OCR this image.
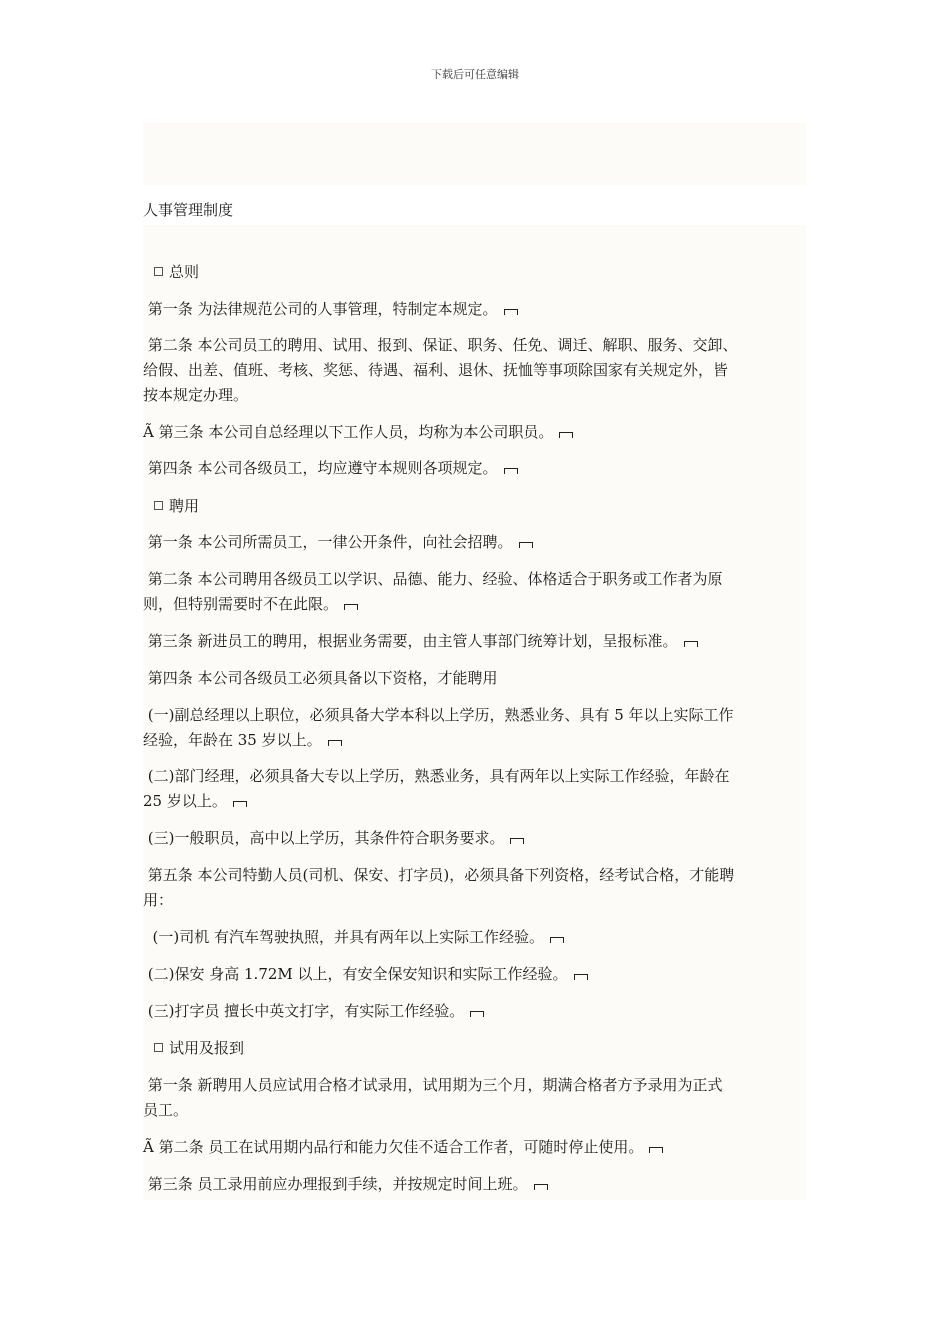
下载后可任意编辑
人事管理制度
总则
第一条 为法律规范公司的人事管理，特制定本规定。
第二条 本公司员工的聘用、试用、报到、保证、职务、任免、调迁、解职、服务、交卸、
给假、出差、值班、考核、奖惩、待遇、福利、退休、抚恤等事项除国家有关规定外，皆
按本规定办理。
Ã 第三条 本公司自总经理以下工作人员，均称为本公司职员。
第四条 本公司各级员工，均应遵守本规则各项规定。
聘用
第一条 本公司所需员工，一律公开条件，向社会招聘。
第二条 本公司聘用各级员工以学识、品德、能力、经验、体格适合于职务或工作者为原
则，但特别需要时不在此限。
第三条 新进员工的聘用，根据业务需要，由主管人事部门统筹计划，呈报标准。
第四条 本公司各级员工必须具备以下资格，才能聘用
(一)副总经理以上职位，必须具备大学本科以上学历，熟悉业务、具有 5 年以上实际工作
经验，年龄在 35 岁以上。
(二)部门经理，必须具备大专以上学历，熟悉业务，具有两年以上实际工作经验，年龄在
25 岁以上。
(三)一般职员，高中以上学历，其条件符合职务要求。
第五条 本公司特勤人员(司机、保安、打字员)，必须具备下列资格，经考试合格，才能聘
用：
(一)司机 有汽车驾驶执照，并具有两年以上实际工作经验。
(二)保安 身高 1.72M 以上，有安全保安知识和实际工作经验。
(三)打字员 擅长中英文打字，有实际工作经验。
试用及报到
第一条 新聘用人员应试用合格才试录用，试用期为三个月，期满合格者方予录用为正式
员工。
Ã 第二条 员工在试用期内品行和能力欠佳不适合工作者，可随时停止使用。
第三条 员工录用前应办理报到手续，并按规定时间上班。
